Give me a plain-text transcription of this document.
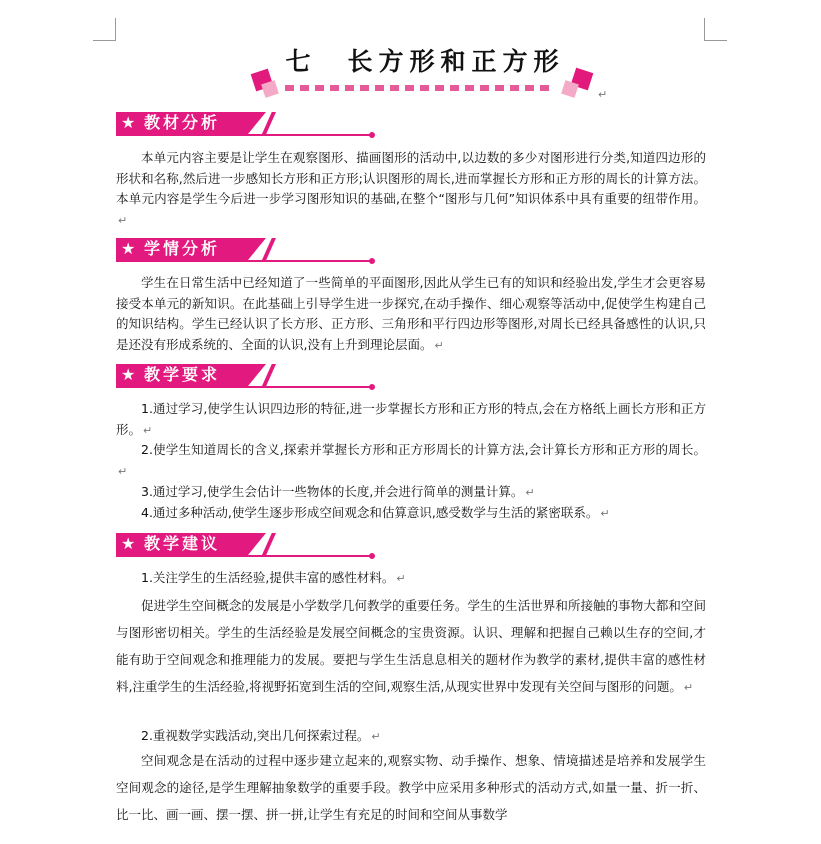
七　长方形和正方形
↵
★ 教材分析
本单元内容主要是让学生在观察图形、描画图形的活动中,以边数的多少对图形进行分类,知道四边形的形状和名称,然后进一步感知长方形和正方形;认识图形的周长,进而掌握长方形和正方形的周长的计算方法。本单元内容是学生今后进一步学习图形知识的基础,在整个“图形与几何”知识体系中具有重要的纽带作用。↵
★ 学情分析
学生在日常生活中已经知道了一些简单的平面图形,因此从学生已有的知识和经验出发,学生才会更容易接受本单元的新知识。在此基础上引导学生进一步探究,在动手操作、细心观察等活动中,促使学生构建自己的知识结构。学生已经认识了长方形、正方形、三角形和平行四边形等图形,对周长已经具备感性的认识,只是还没有形成系统的、全面的认识,没有上升到理论层面。 ↵
★ 教学要求
1.通过学习,使学生认识四边形的特征,进一步掌握长方形和正方形的特点,会在方格纸上画长方形和正方形。 ↵
2.使学生知道周长的含义,探索并掌握长方形和正方形周长的计算方法,会计算长方形和正方形的周长。↵
3.通过学习,使学生会估计一些物体的长度,并会进行简单的测量计算。 ↵
4.通过多种活动,使学生逐步形成空间观念和估算意识,感受数学与生活的紧密联系。 ↵
★ 教学建议
1.关注学生的生活经验,提供丰富的感性材料。 ↵
促进学生空间概念的发展是小学数学几何教学的重要任务。学生的生活世界和所接触的事物大都和空间与图形密切相关。学生的生活经验是发展空间概念的宝贵资源。认识、理解和把握自己赖以生存的空间,才能有助于空间观念和推理能力的发展。要把与学生生活息息相关的题材作为教学的素材,提供丰富的感性材料,注重学生的生活经验,将视野拓宽到生活的空间,观察生活,从现实世界中发现有关空间与图形的问题。 ↵
2.重视数学实践活动,突出几何探索过程。 ↵
空间观念是在活动的过程中逐步建立起来的,观察实物、动手操作、想象、情境描述是培养和发展学生空间观念的途径,是学生理解抽象数学的重要手段。教学中应采用多种形式的活动方式,如量一量、折一折、比一比、画一画、摆一摆、拼一拼,让学生有充足的时间和空间从事数学
